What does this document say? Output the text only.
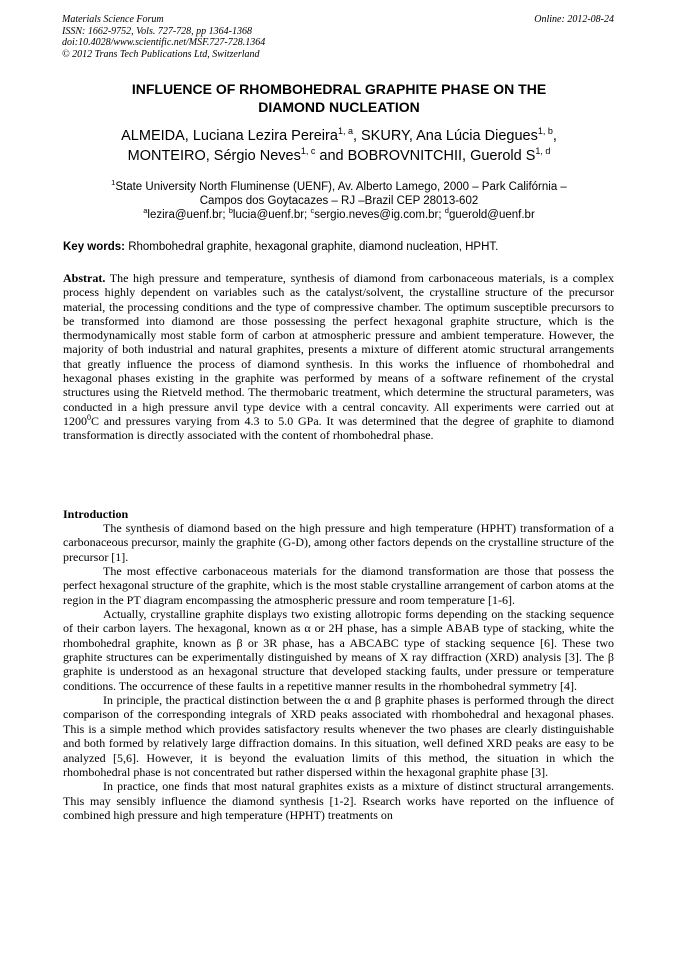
Materials Science Forum
ISSN: 1662-9752, Vols. 727-728, pp 1364-1368
doi:10.4028/www.scientific.net/MSF.727-728.1364
© 2012 Trans Tech Publications Ltd, Switzerland
Online: 2012-08-24
INFLUENCE OF RHOMBOHEDRAL GRAPHITE PHASE ON THE
DIAMOND NUCLEATION
ALMEIDA, Luciana Lezira Pereira$^{1, a}$, SKURY, Ana Lúcia Diegues$^{1, b}$,
MONTEIRO, Sérgio Neves$^{1, c}$ and BOBROVNITCHII, Guerold S$^{1, d}$
$^1$State University North Fluminense (UENF), Av. Alberto Lamego, 2000 – Park Califórnia –
Campos dos Goytacazes – RJ –Brazil CEP 28013-602
$^a$lezira@uenf.br; $^b$lucia@uenf.br; $^c$sergio.neves@ig.com.br; $^d$guerold@uenf.br
Key words: Rhombohedral graphite, hexagonal graphite, diamond nucleation, HPHT.
Abstrat. The high pressure and temperature, synthesis of diamond from carbonaceous materials, is a complex process highly dependent on variables such as the catalyst/solvent, the crystalline structure of the precursor material, the processing conditions and the type of compressive chamber. The optimum susceptible precursors to be transformed into diamond are those possessing the perfect hexagonal graphite structure, which is the thermodynamically most stable form of carbon at atmospheric pressure and ambient temperature. However, the majority of both industrial and natural graphites, presents a mixture of different atomic structural arrangements that greatly influence the process of diamond synthesis. In this works the influence of rhombohedral and hexagonal phases existing in the graphite was performed by means of a software refinement of the crystal structures using the Rietveld method. The thermobaric treatment, which determine the structural parameters, was conducted in a high pressure anvil type device with a central concavity. All experiments were carried out at 1200$^0$C and pressures varying from 4.3 to 5.0 GPa. It was determined that the degree of graphite to diamond transformation is directly associated with the content of rhombohedral phase.
Introduction

The synthesis of diamond based on the high pressure and high temperature (HPHT) transformation of a carbonaceous precursor, mainly the graphite (G-D), among other factors depends on the crystalline structure of the precursor [1].

The most effective carbonaceous materials for the diamond transformation are those that possess the perfect hexagonal structure of the graphite, which is the most stable crystalline arrangement of carbon atoms at the region in the PT diagram encompassing the atmospheric pressure and room temperature [1-6].

Actually, crystalline graphite displays two existing allotropic forms depending on the stacking sequence of their carbon layers. The hexagonal, known as α or 2H phase, has a simple ABAB type of stacking, white the rhombohedral graphite, known as β or 3R phase, has a ABCABC type of stacking sequence [6]. These two graphite structures can be experimentally distinguished by means of X ray diffraction (XRD) analysis [3]. The β graphite is understood as an hexagonal structure that developed stacking faults, under pressure or temperature conditions. The occurrence of these faults in a repetitive manner results in the rhombohedral symmetry [4].

In principle, the practical distinction between the α and β graphite phases is performed through the direct comparison of the corresponding integrals of XRD peaks associated with rhombohedral and hexagonal phases. This is a simple method which provides satisfactory results whenever the two phases are clearly distinguishable and both formed by relatively large diffraction domains. In this situation, well defined XRD peaks are easy to be analyzed [5,6]. However, it is beyond the evaluation limits of this method, the situation in which the rhombohedral phase is not concentrated but rather dispersed within the hexagonal graphite phase [3].

In practice, one finds that most natural graphites exists as a mixture of distinct structural arrangements. This may sensibly influence the diamond synthesis [1-2]. Rsearch works have reported on the influence of combined high pressure and high temperature (HPHT) treatments on
